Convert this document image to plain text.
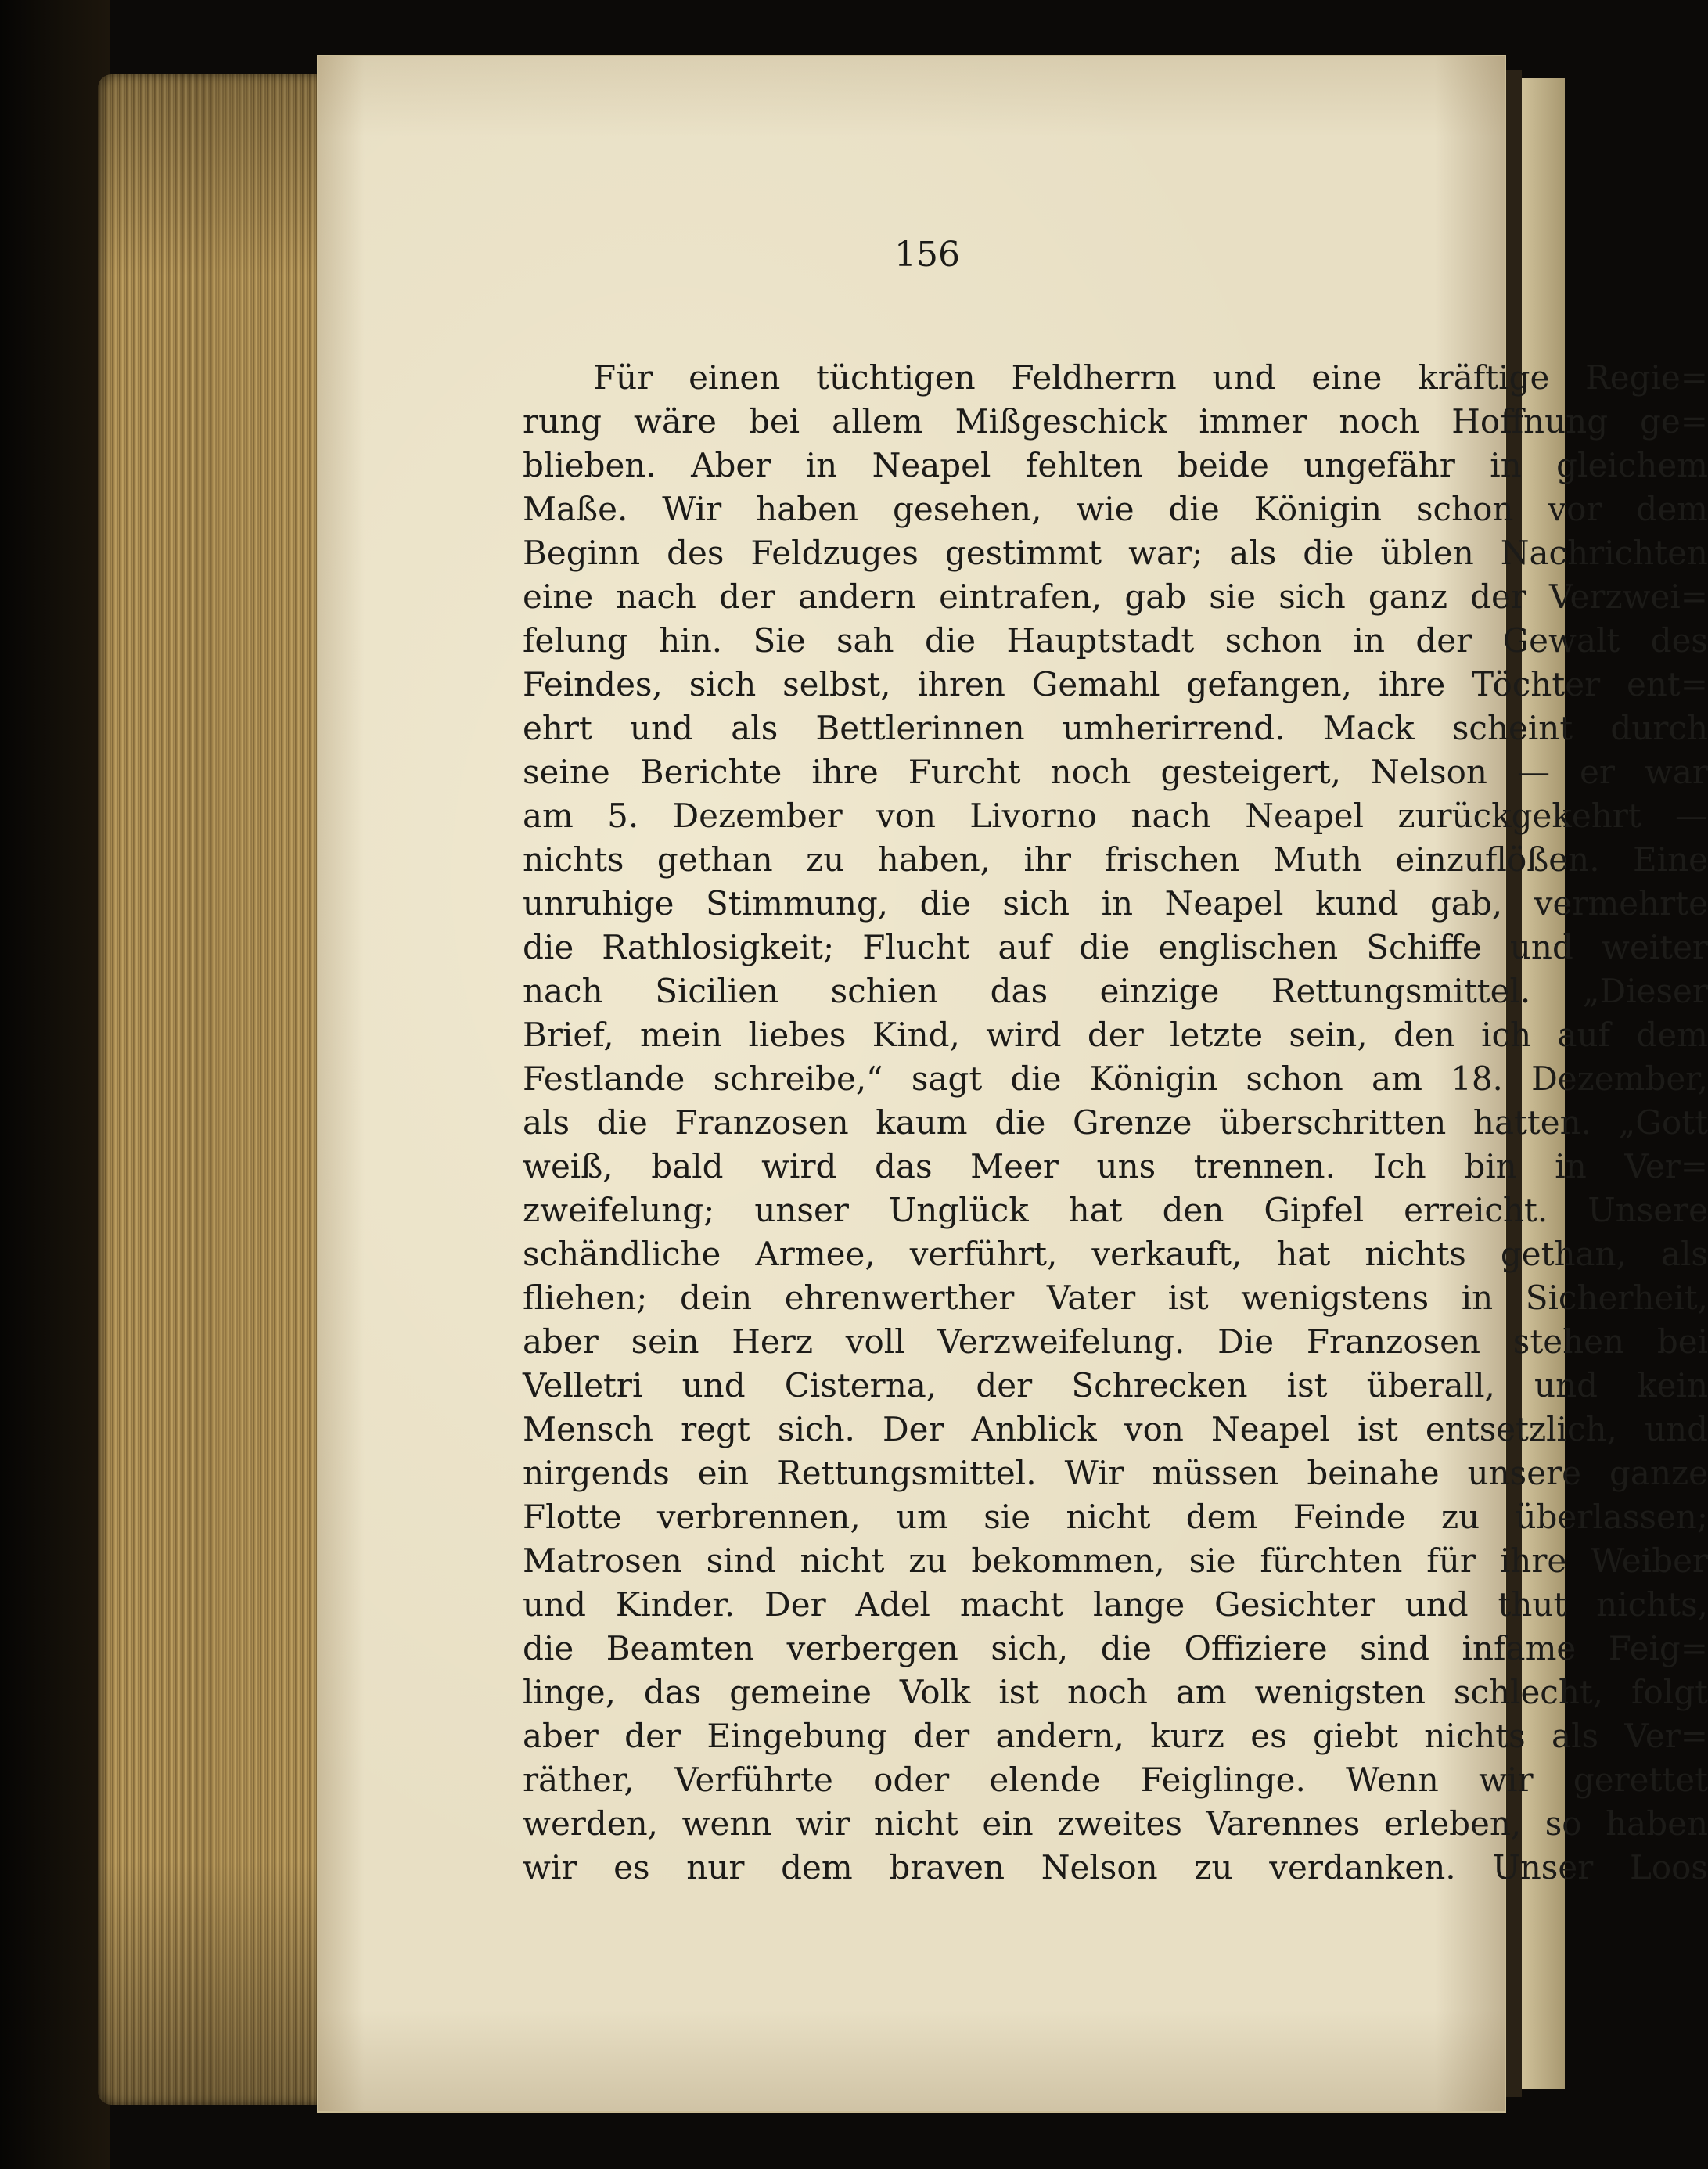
156
Für einen tüchtigen Feldherrn und eine kräftige Regie=
rung wäre bei allem Mißgeschick immer noch Hoffnung ge=
blieben. Aber in Neapel fehlten beide ungefähr in gleichem
Maße. Wir haben gesehen, wie die Königin schon vor dem
Beginn des Feldzuges gestimmt war; als die üblen Nachrichten
eine nach der andern eintrafen, gab sie sich ganz der Verzwei=
felung hin. Sie sah die Hauptstadt schon in der Gewalt des
Feindes, sich selbst, ihren Gemahl gefangen, ihre Töchter ent=
ehrt und als Bettlerinnen umherirrend. Mack scheint durch
seine Berichte ihre Furcht noch gesteigert, Nelson — er war
am 5. Dezember von Livorno nach Neapel zurückgekehrt —
nichts gethan zu haben, ihr frischen Muth einzuflößen. Eine
unruhige Stimmung, die sich in Neapel kund gab, vermehrte
die Rathlosigkeit; Flucht auf die englischen Schiffe und weiter
nach Sicilien schien das einzige Rettungsmittel. „Dieser
Brief, mein liebes Kind, wird der letzte sein, den ich auf dem
Festlande schreibe,“ sagt die Königin schon am 18. Dezember,
als die Franzosen kaum die Grenze überschritten hatten. „Gott
weiß, bald wird das Meer uns trennen. Ich bin in Ver=
zweifelung; unser Unglück hat den Gipfel erreicht. Unsere
schändliche Armee, verführt, verkauft, hat nichts gethan, als
fliehen; dein ehrenwerther Vater ist wenigstens in Sicherheit,
aber sein Herz voll Verzweifelung. Die Franzosen stehen bei
Velletri und Cisterna, der Schrecken ist überall, und kein
Mensch regt sich. Der Anblick von Neapel ist entsetzlich, und
nirgends ein Rettungsmittel. Wir müssen beinahe unsere ganze
Flotte verbrennen, um sie nicht dem Feinde zu überlassen;
Matrosen sind nicht zu bekommen, sie fürchten für ihre Weiber
und Kinder. Der Adel macht lange Gesichter und thut nichts,
die Beamten verbergen sich, die Offiziere sind infame Feig=
linge, das gemeine Volk ist noch am wenigsten schlecht, folgt
aber der Eingebung der andern, kurz es giebt nichts als Ver=
räther, Verführte oder elende Feiglinge. Wenn wir gerettet
werden, wenn wir nicht ein zweites Varennes erleben, so haben
wir es nur dem braven Nelson zu verdanken. Unser Loos
